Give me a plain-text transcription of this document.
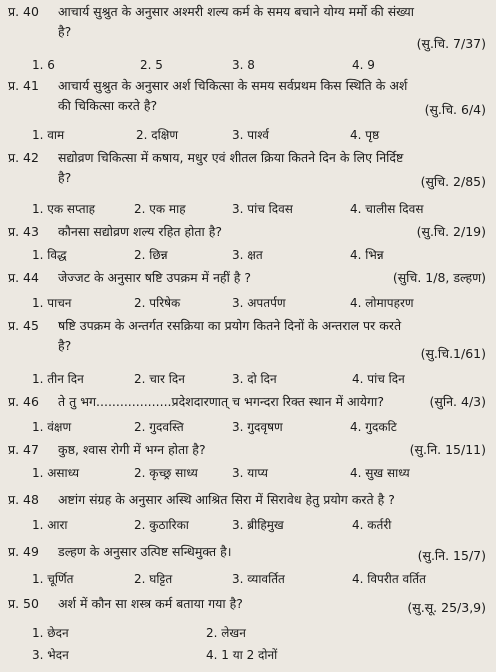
प्र. 40 आचार्य सुश्रुत के अनुसार अश्मरी शल्य कर्म के समय बचाने योग्य मर्मो की संख्या
है?
(सु.चि. 7/37)
1. 6	2. 5	3. 8	4. 9
प्र. 41 आचार्य सुश्रुत के अनुसार अर्श चिकित्सा के समय सर्वप्रथम किस स्थिति के अर्श
की चिकित्सा करते है?	(सु.चि. 6/4)
1. वाम	2. दक्षिण	3. पार्श्व	4. पृष्ठ
प्र. 42 सद्योव्रण चिकित्सा में कषाय, मधुर एवं शीतल क्रिया कितने दिन के लिए निर्दिष्ट
है?	(सुचि. 2/85)
1. एक सप्ताह	2. एक माह	3. पांच दिवस	4. चालीस दिवस
प्र. 43 कौनसा सद्योव्रण शल्य रहित होता है?	(सु.चि. 2/19)
1. विद्ध	2. छिन्न	3. क्षत	4. भिन्न
प्र. 44 जेज्जट के अनुसार षष्टि उपक्रम में नहीं है ?	(सुचि. 1/8, डल्हण)
1. पाचन	2. परिषेक	3. अपतर्पण	4. लोमापहरण
प्र. 45 षष्टि उपक्रम के अन्तर्गत रसक्रिया का प्रयोग कितने दिनों के अन्तराल पर करते
है?
(सु.चि.1/61)
1. तीन दिन	2. चार दिन	3. दो दिन	4. पांच दिन
प्र. 46 ते तु भग...................प्रदेशदारणात् च भगन्दरा रिक्त स्थान में आयेगा?	(सुनि. 4/3)
1. वंक्षण	2. गुदवस्ति	3. गुदवृषण	4. गुदकटि
प्र. 47 कुष्ठ, श्वास रोगी में भग्न होता है?	(सु.नि. 15/11)
1. असाध्य	2. कृच्छ्र साध्य	3. याप्य	4. सुख साध्य
प्र. 48 अष्टांग संग्रह के अनुसार अस्थि आश्रित सिरा में सिरावेध हेतु प्रयोग करते है ?
1. आरा	2. कुठारिका	3. ब्रीहिमुख	4. कर्तरी
प्र. 49 डल्हण के अनुसार उत्पिष्ट सन्धिमुक्त है।	(सु.नि. 15/7)
1. चूर्णित	2. घट्टित	3. व्यावर्तित	4. विपरीत वर्तित
प्र. 50 अर्श में कौन सा शस्त्र कर्म बताया गया है?	(सु.सू. 25/3,9)
1. छेदन	2. लेखन
3. भेदन	4. 1 या 2 दोनों
